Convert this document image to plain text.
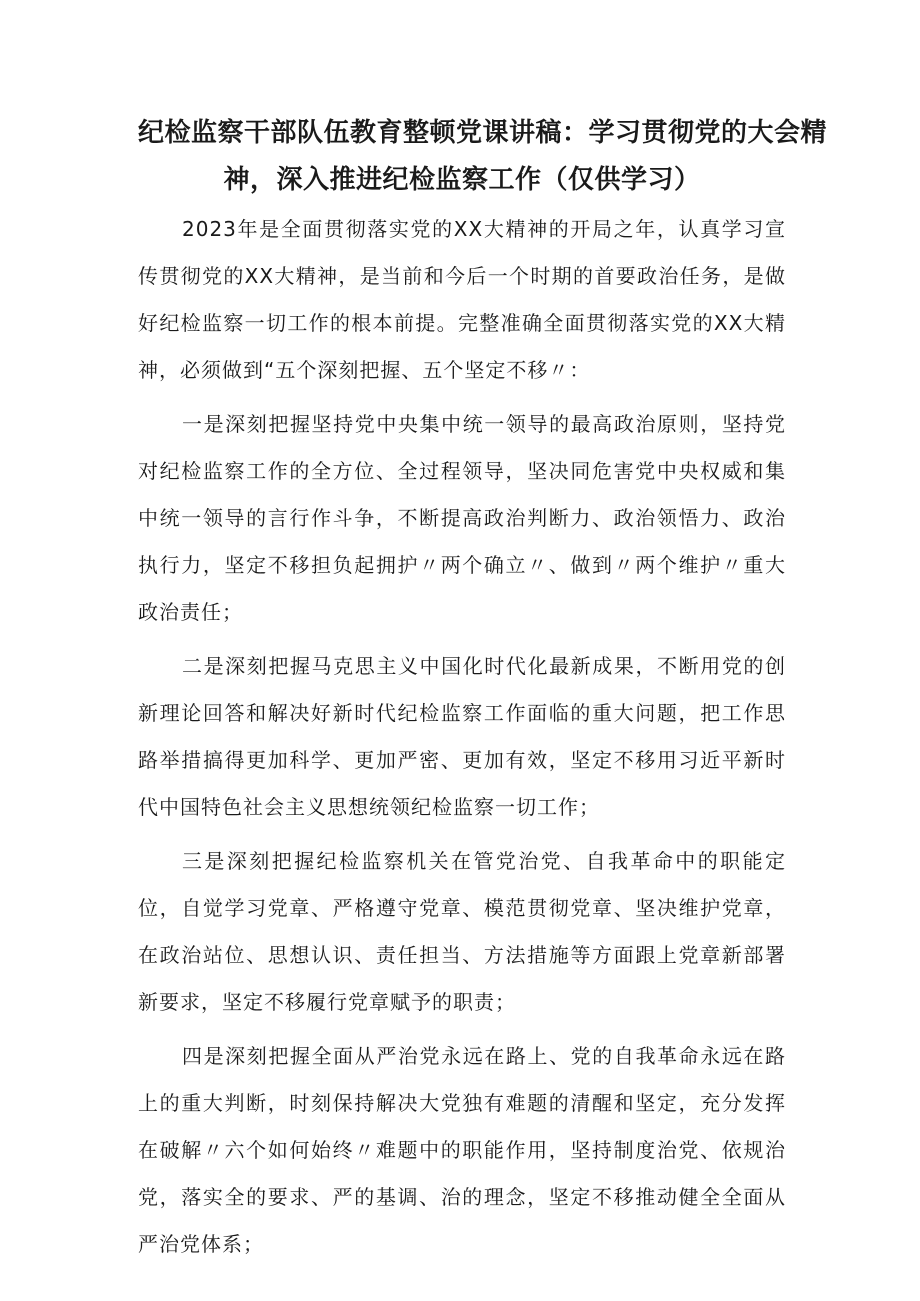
纪检监察干部队伍教育整顿党课讲稿：学习贯彻党的大会精
神，深入推进纪检监察工作（仅供学习）

2023年是全面贯彻落实党的XX大精神的开局之年，认真学习宣传贯彻党的XX大精神，是当前和今后一个时期的首要政治任务，是做好纪检监察一切工作的根本前提。完整准确全面贯彻落实党的XX大精神，必须做到“五个深刻把握、五个坚定不移〃：

一是深刻把握坚持党中央集中统一领导的最高政治原则，坚持党对纪检监察工作的全方位、全过程领导，坚决同危害党中央权威和集中统一领导的言行作斗争，不断提高政治判断力、政治领悟力、政治执行力，坚定不移担负起拥护〃两个确立〃、做到〃两个维护〃重大政治责任；

二是深刻把握马克思主义中国化时代化最新成果，不断用党的创新理论回答和解决好新时代纪检监察工作面临的重大问题，把工作思路举措搞得更加科学、更加严密、更加有效，坚定不移用习近平新时代中国特色社会主义思想统领纪检监察一切工作；

三是深刻把握纪检监察机关在管党治党、自我革命中的职能定位，自觉学习党章、严格遵守党章、模范贯彻党章、坚决维护党章，在政治站位、思想认识、责任担当、方法措施等方面跟上党章新部署新要求，坚定不移履行党章赋予的职责；

四是深刻把握全面从严治党永远在路上、党的自我革命永远在路上的重大判断，时刻保持解决大党独有难题的清醒和坚定，充分发挥在破解〃六个如何始终〃难题中的职能作用，坚持制度治党、依规治党，落实全的要求、严的基调、治的理念，坚定不移推动健全全面从严治党体系；
